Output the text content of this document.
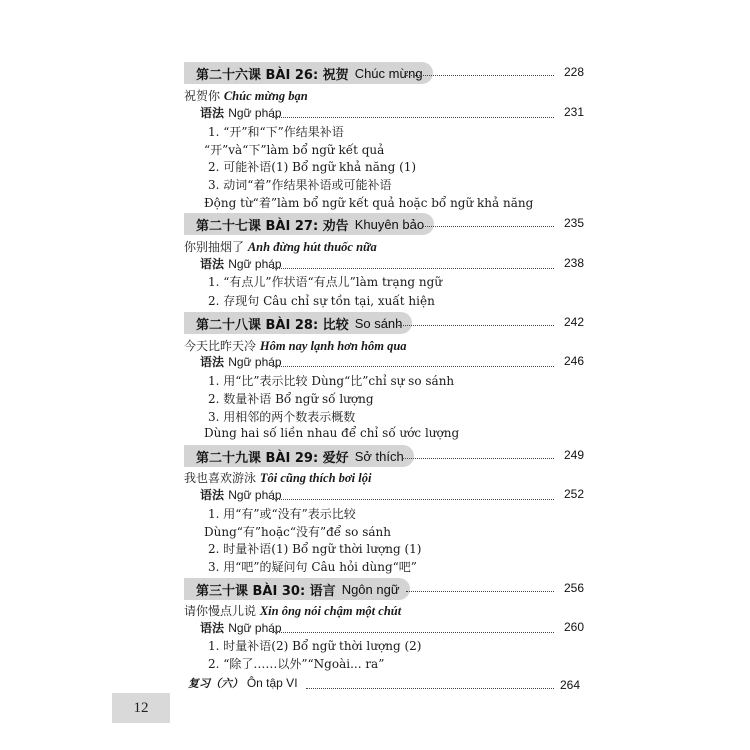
第二十六课 BÀI 26: 祝贺 Chúc mừng	228
祝贺你 Chúc mừng bạn
语法 Ngữ pháp	231
1. “开”和“下”作结果补语
“开”và“下”làm bổ ngữ kết quả
2. 可能补语(1) Bổ ngữ khả năng (1)
3. 动词“着”作结果补语或可能补语
Động từ“着”làm bổ ngữ kết quả hoặc bổ ngữ khả năng
第二十七课 BÀI 27: 劝告 Khuyên bảo	235
你别抽烟了 Anh đừng hút thuốc nữa
语法 Ngữ pháp	238
1. “有点儿”作状语“有点儿”làm trạng ngữ
2. 存现句 Câu chỉ sự tồn tại, xuất hiện
第二十八课 BÀI 28: 比较 So sánh	242
今天比昨天冷 Hôm nay lạnh hơn hôm qua
语法 Ngữ pháp	246
1. 用“比”表示比较 Dùng“比”chỉ sự so sánh
2. 数量补语 Bổ ngữ số lượng
3. 用相邻的两个数表示概数
Dùng hai số liền nhau để chỉ số ước lượng
第二十九课 BÀI 29: 爱好 Sở thích	249
我也喜欢游泳 Tôi cũng thích bơi lội
语法 Ngữ pháp	252
1. 用“有”或“没有”表示比较
Dùng“有”hoặc“没有”để so sánh
2. 时量补语(1) Bổ ngữ thời lượng (1)
3. 用“吧”的疑问句 Câu hỏi dùng“吧”
第三十课 BÀI 30: 语言 Ngôn ngữ	256
请你慢点儿说 Xin ông nói chậm một chút
语法 Ngữ pháp	260
1. 时量补语(2) Bổ ngữ thời lượng (2)
2. “除了……以外”“Ngoài... ra”
复习（六） Ôn tập VI	264
12
